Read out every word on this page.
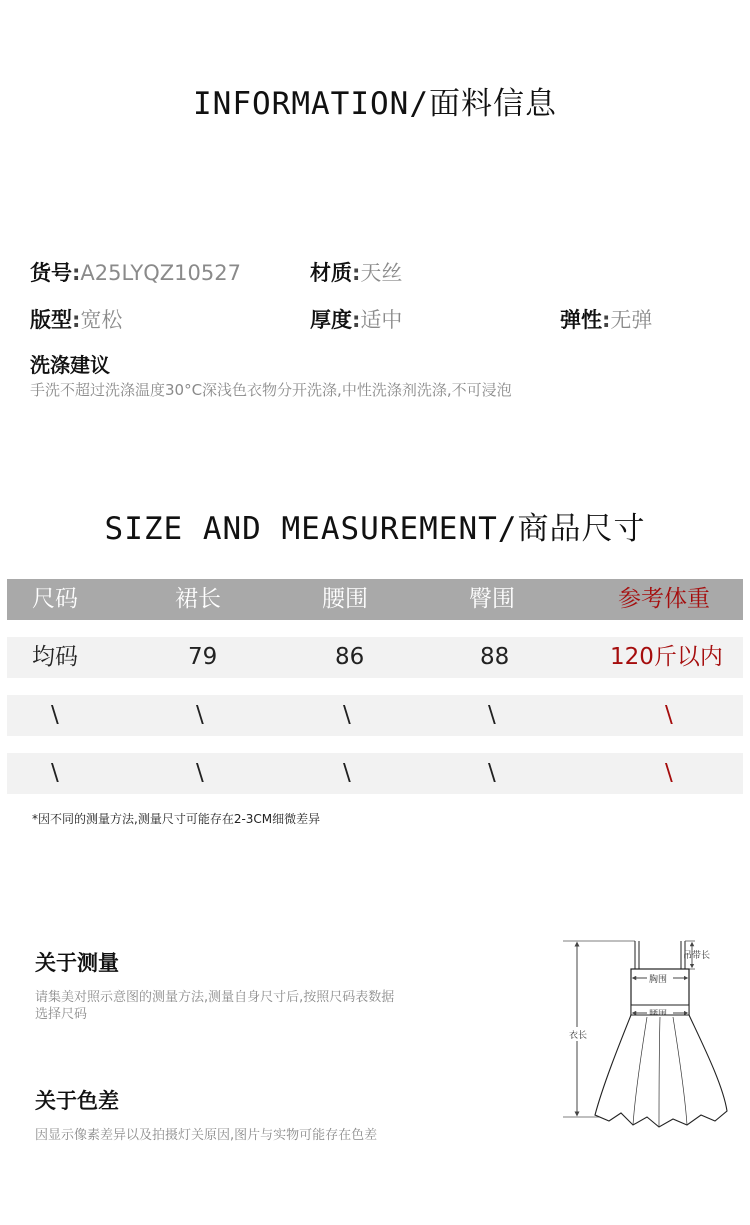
INFORMATION/面料信息
货号:A25LYQZ10527	材质:天丝
版型:宽松	厚度:适中	弹性:无弹
洗涤建议
手洗不超过洗涤温度30°C深浅色衣物分开洗涤,中性洗涤剂洗涤,不可浸泡
SIZE AND MEASUREMENT/商品尺寸
尺码	裙长	腰围	臀围	参考体重
均码	79	86	88	120斤以内
\	\	\	\	\
\	\	\	\	\
*因不同的测量方法,测量尺寸可能存在2-3CM细微差异
关于测量
请集美对照示意图的测量方法,测量自身尺寸后,按照尺码表数据
选择尺码
关于色差
因显示像素差异以及拍摄灯关原因,图片与实物可能存在色差
衣长
吊带长
胸围
